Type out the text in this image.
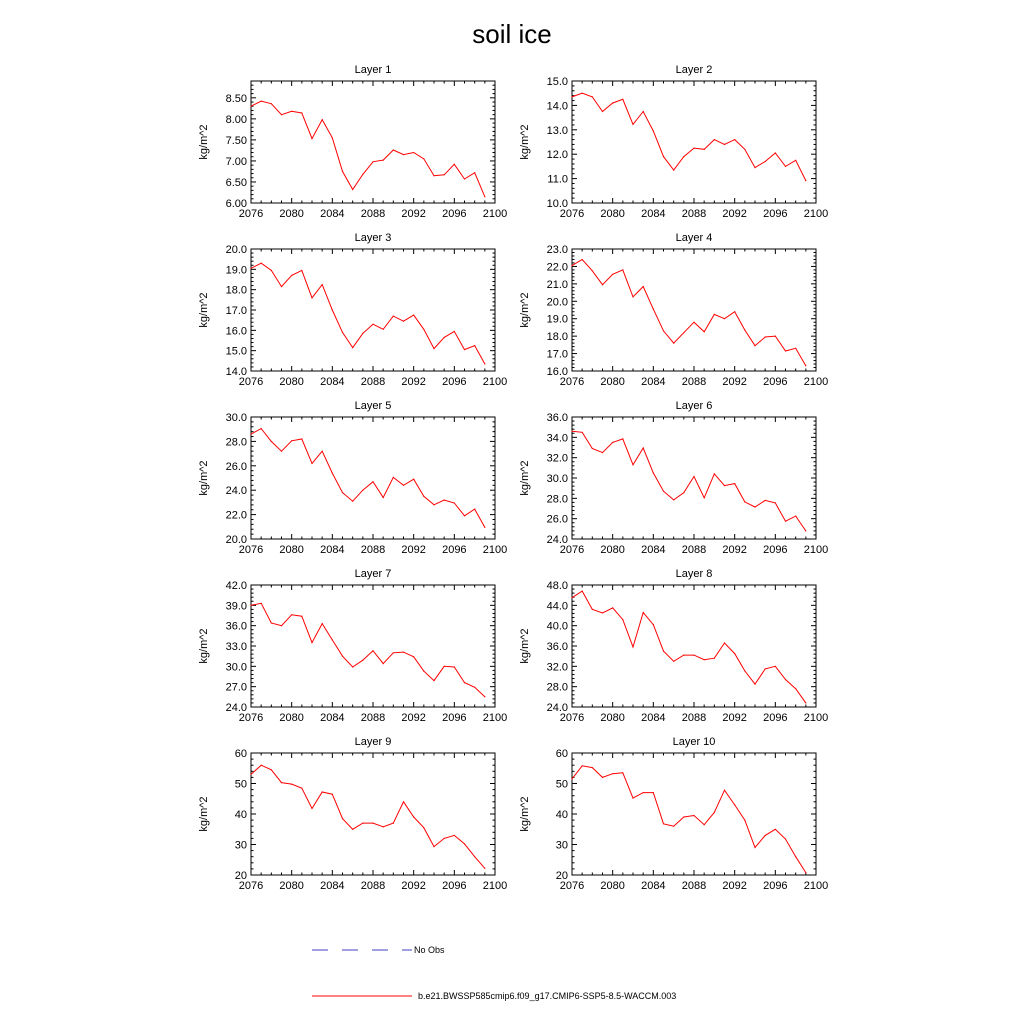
soil ice
Layer 1
2076 2080 2084 2088 2092 2096 2100
6.00
6.50
7.00
7.50
8.00
8.50
kg/m^2
Layer 2
2076 2080 2084 2088 2092 2096 2100
10.0
11.0
12.0
13.0
14.0
15.0
kg/m^2
Layer 3
2076 2080 2084 2088 2092 2096 2100
14.0
15.0
16.0
17.0
18.0
19.0
20.0
kg/m^2
Layer 4
2076 2080 2084 2088 2092 2096 2100
16.0
17.0
18.0
19.0
20.0
21.0
22.0
23.0
kg/m^2
Layer 5
2076 2080 2084 2088 2092 2096 2100
20.0
22.0
24.0
26.0
28.0
30.0
kg/m^2
Layer 6
2076 2080 2084 2088 2092 2096 2100
24.0
26.0
28.0
30.0
32.0
34.0
36.0
kg/m^2
Layer 7
2076 2080 2084 2088 2092 2096 2100
24.0
27.0
30.0
33.0
36.0
39.0
42.0
kg/m^2
Layer 8
2076 2080 2084 2088 2092 2096 2100
24.0
28.0
32.0
36.0
40.0
44.0
48.0
kg/m^2
Layer 9
2076 2080 2084 2088 2092 2096 2100
20
30
40
50
60
kg/m^2
Layer 10
2076 2080 2084 2088 2092 2096 2100
20
30
40
50
60
kg/m^2
No Obs
b.e21.BWSSP585cmip6.f09_g17.CMIP6-SSP5-8.5-WACCM.003
